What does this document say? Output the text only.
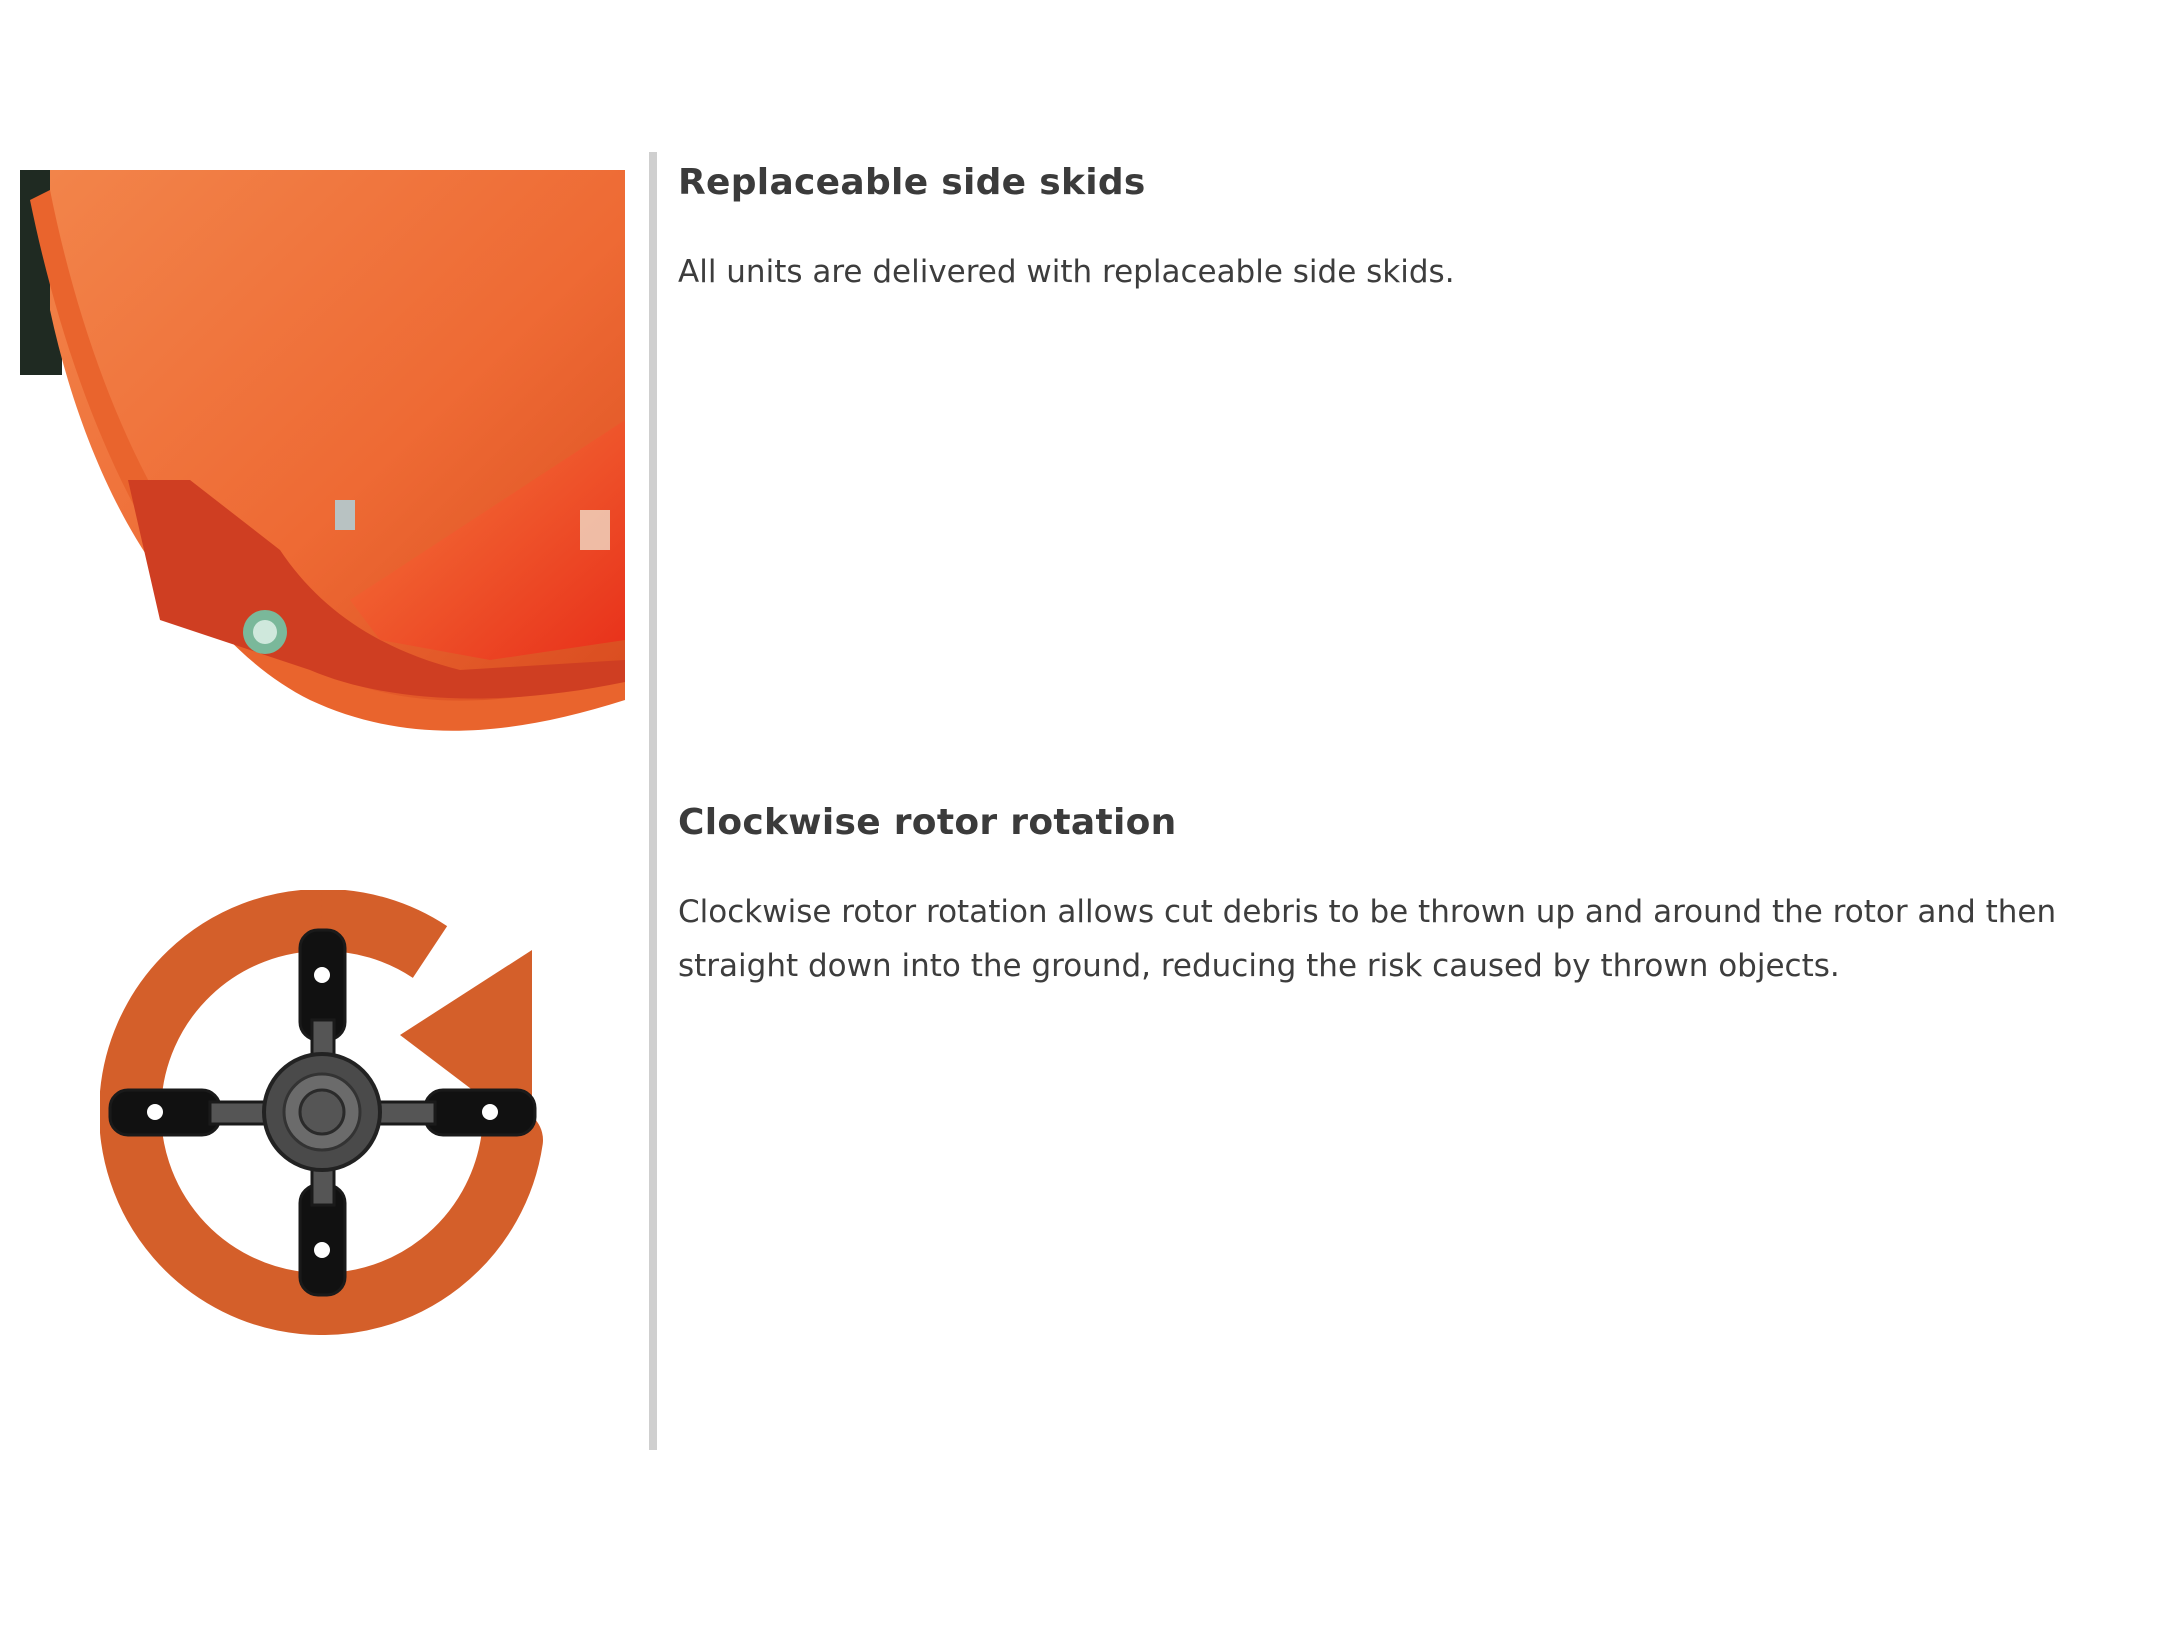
Replaceable side skids

All units are delivered with replaceable side skids.

Clockwise rotor rotation

Clockwise rotor rotation allows cut debris to be thrown up and around the rotor and then straight down into the ground, reducing the risk caused by thrown objects.
